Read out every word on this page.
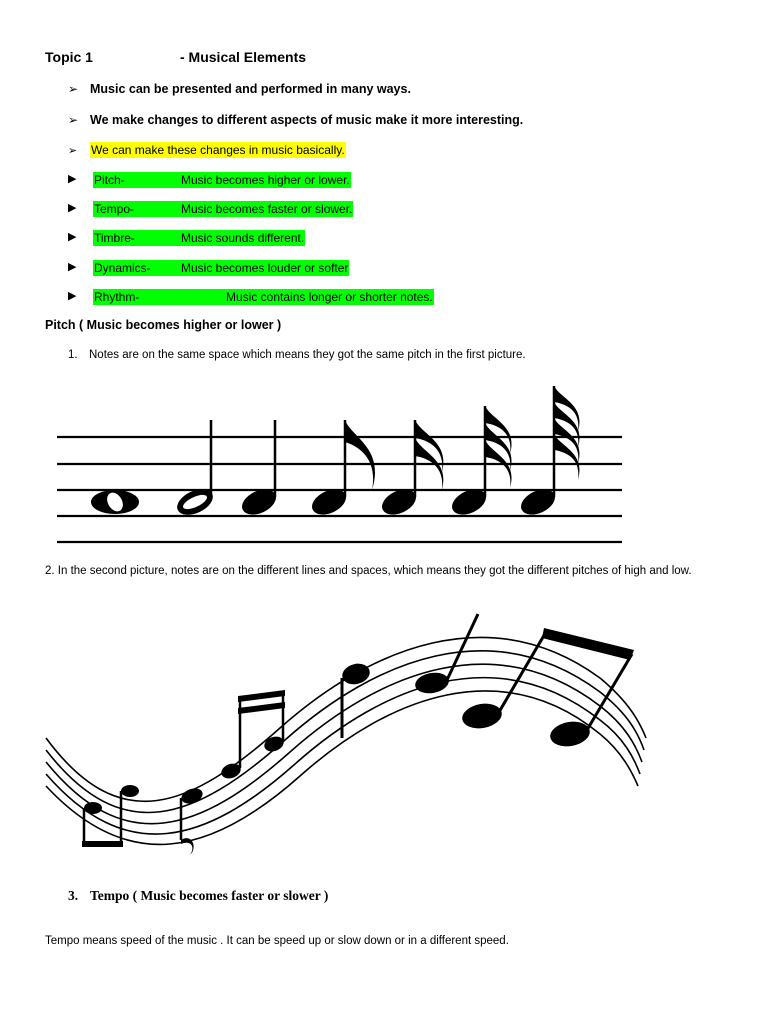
Topic 1	- Musical Elements
➢ Music can be presented and performed in many ways.
➢ We make changes to different aspects of music make it more interesting.
➢ We can make these changes in music basically.
▶ Pitch-	Music becomes higher or lower.
▶ Tempo-	Music becomes faster or slower.
▶ Timbre-	Music sounds different.
▶ Dynamics-	Music becomes louder or softer
▶ Rhythm-	Music contains longer or shorter notes.
Pitch ( Music becomes higher or lower )
1. Notes are on the same space which means they got the same pitch in the first picture.
2. In the second picture, notes are on the different lines and spaces, which means they got the different pitches of high and low.
3. Tempo ( Music becomes faster or slower )
Tempo means speed of the music . It can be speed up or slow down or in a different speed.
